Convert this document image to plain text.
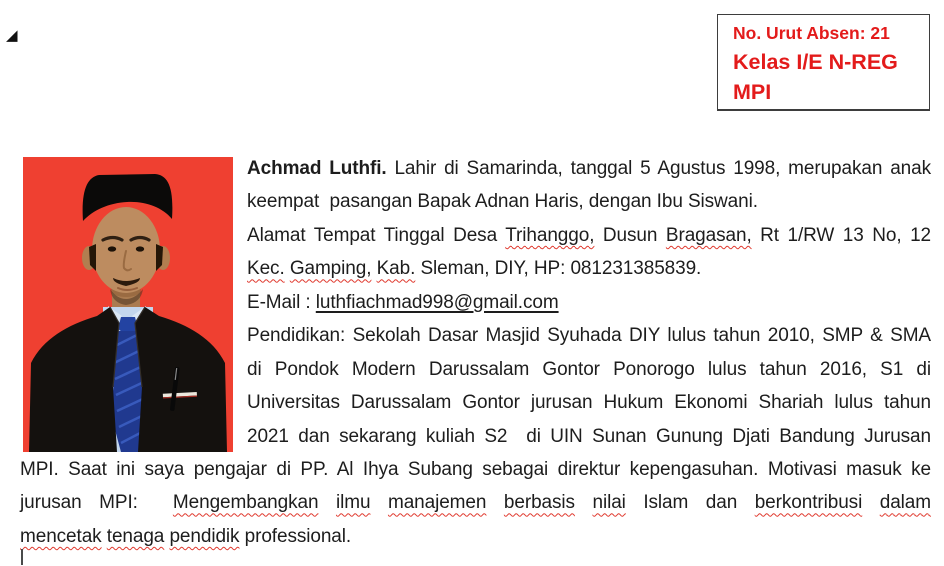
◢	No. Urut Absen: 21
Kelas I/E N-REG
MPI
Achmad Luthfi. Lahir di Samarinda, tanggal 5 Agustus 1998, merupakan anak
keempat  pasangan Bapak Adnan Haris, dengan Ibu Siswani.
Alamat Tempat Tinggal Desa Trihanggo, Dusun Bragasan, Rt 1/RW 13 No, 12
Kec. Gamping, Kab. Sleman, DIY, HP: 081231385839.
E-Mail : luthfiachmad998@gmail.com
Pendidikan: Sekolah Dasar Masjid Syuhada DIY lulus tahun 2010, SMP & SMA
di Pondok Modern Darussalam Gontor Ponorogo lulus tahun 2016, S1 di
Universitas Darussalam Gontor jurusan Hukum Ekonomi Shariah lulus tahun
2021 dan sekarang kuliah S2  di UIN Sunan Gunung Djati Bandung Jurusan
MPI. Saat ini saya pengajar di PP. Al Ihya Subang sebagai direktur kepengasuhan. Motivasi masuk ke
jurusan MPI:  Mengembangkan ilmu manajemen berbasis nilai Islam dan berkontribusi dalam
mencetak tenaga pendidik professional.
